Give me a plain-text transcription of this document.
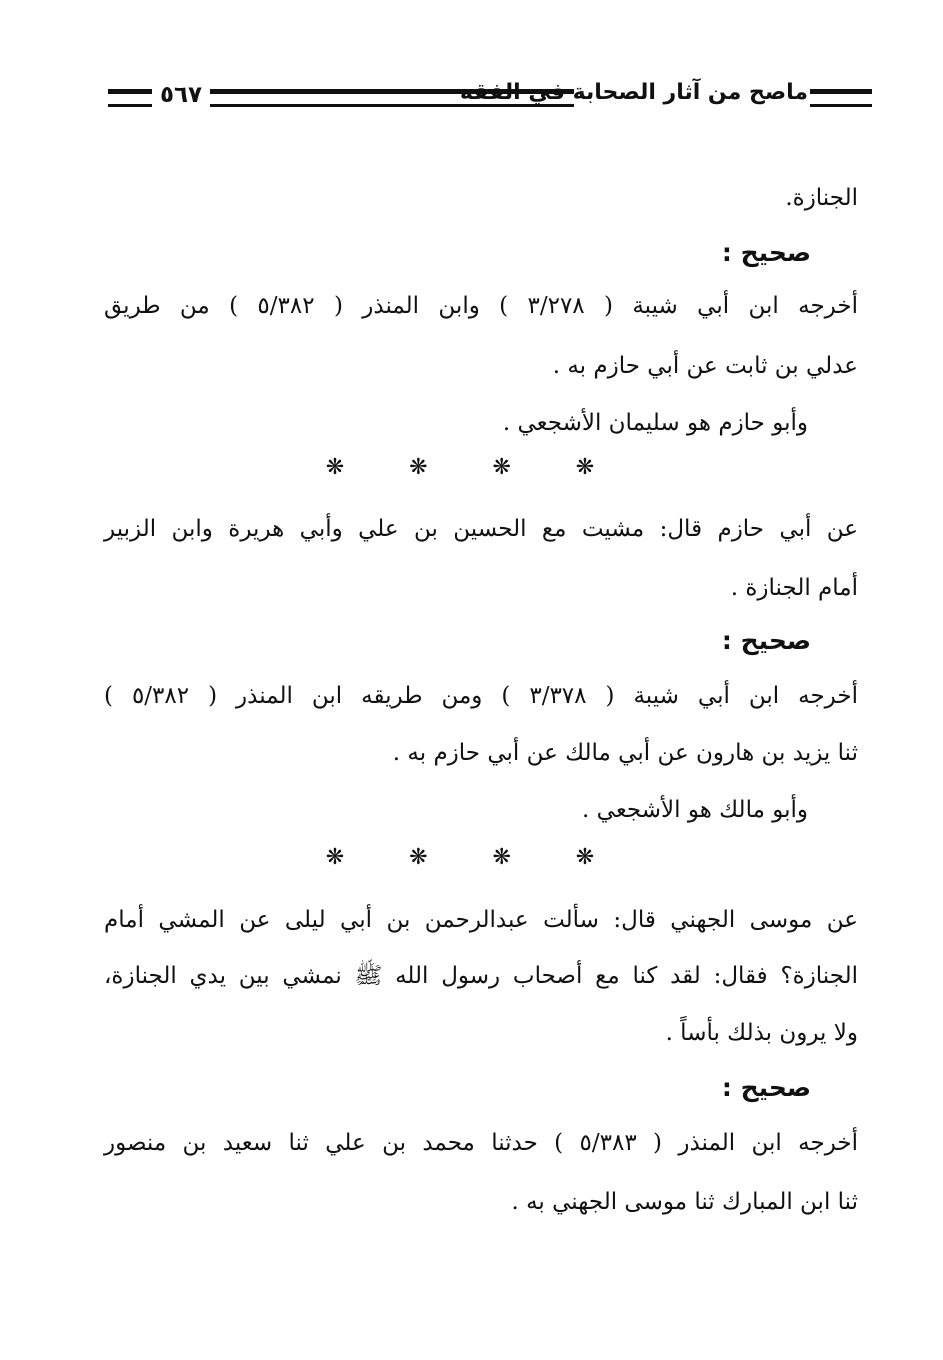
٥٦٧	ماصح من آثار الصحابة في الفقه
الجنازة.
صحيح :
أخرجه ابن أبي شيبة ( ٣/٢٧٨ ) وابن المنذر ( ٥/٣٨٢ ) من طريق
عدلي بن ثابت عن أبي حازم به .
وأبو حازم هو سليمان الأشجعي .
❋	❋	❋	❋
عن أبي حازم قال: مشيت مع الحسين بن علي وأبي هريرة وابن الزبير
أمام الجنازة .
صحيح :
أخرجه ابن أبي شيبة ( ٣/٣٧٨ ) ومن طريقه ابن المنذر ( ٥/٣٨٢ )
ثنا يزيد بن هارون عن أبي مالك عن أبي حازم به .
وأبو مالك هو الأشجعي .
❋	❋	❋	❋
عن موسى الجهني قال: سألت عبدالرحمن بن أبي ليلى عن المشي أمام
الجنازة؟ فقال: لقد كنا مع أصحاب رسول الله ﷺ نمشي بين يدي الجنازة،
ولا يرون بذلك بأساً .
صحيح :
أخرجه ابن المنذر ( ٥/٣٨٣ ) حدثنا محمد بن علي ثنا سعيد بن منصور
ثنا ابن المبارك ثنا موسى الجهني به .
